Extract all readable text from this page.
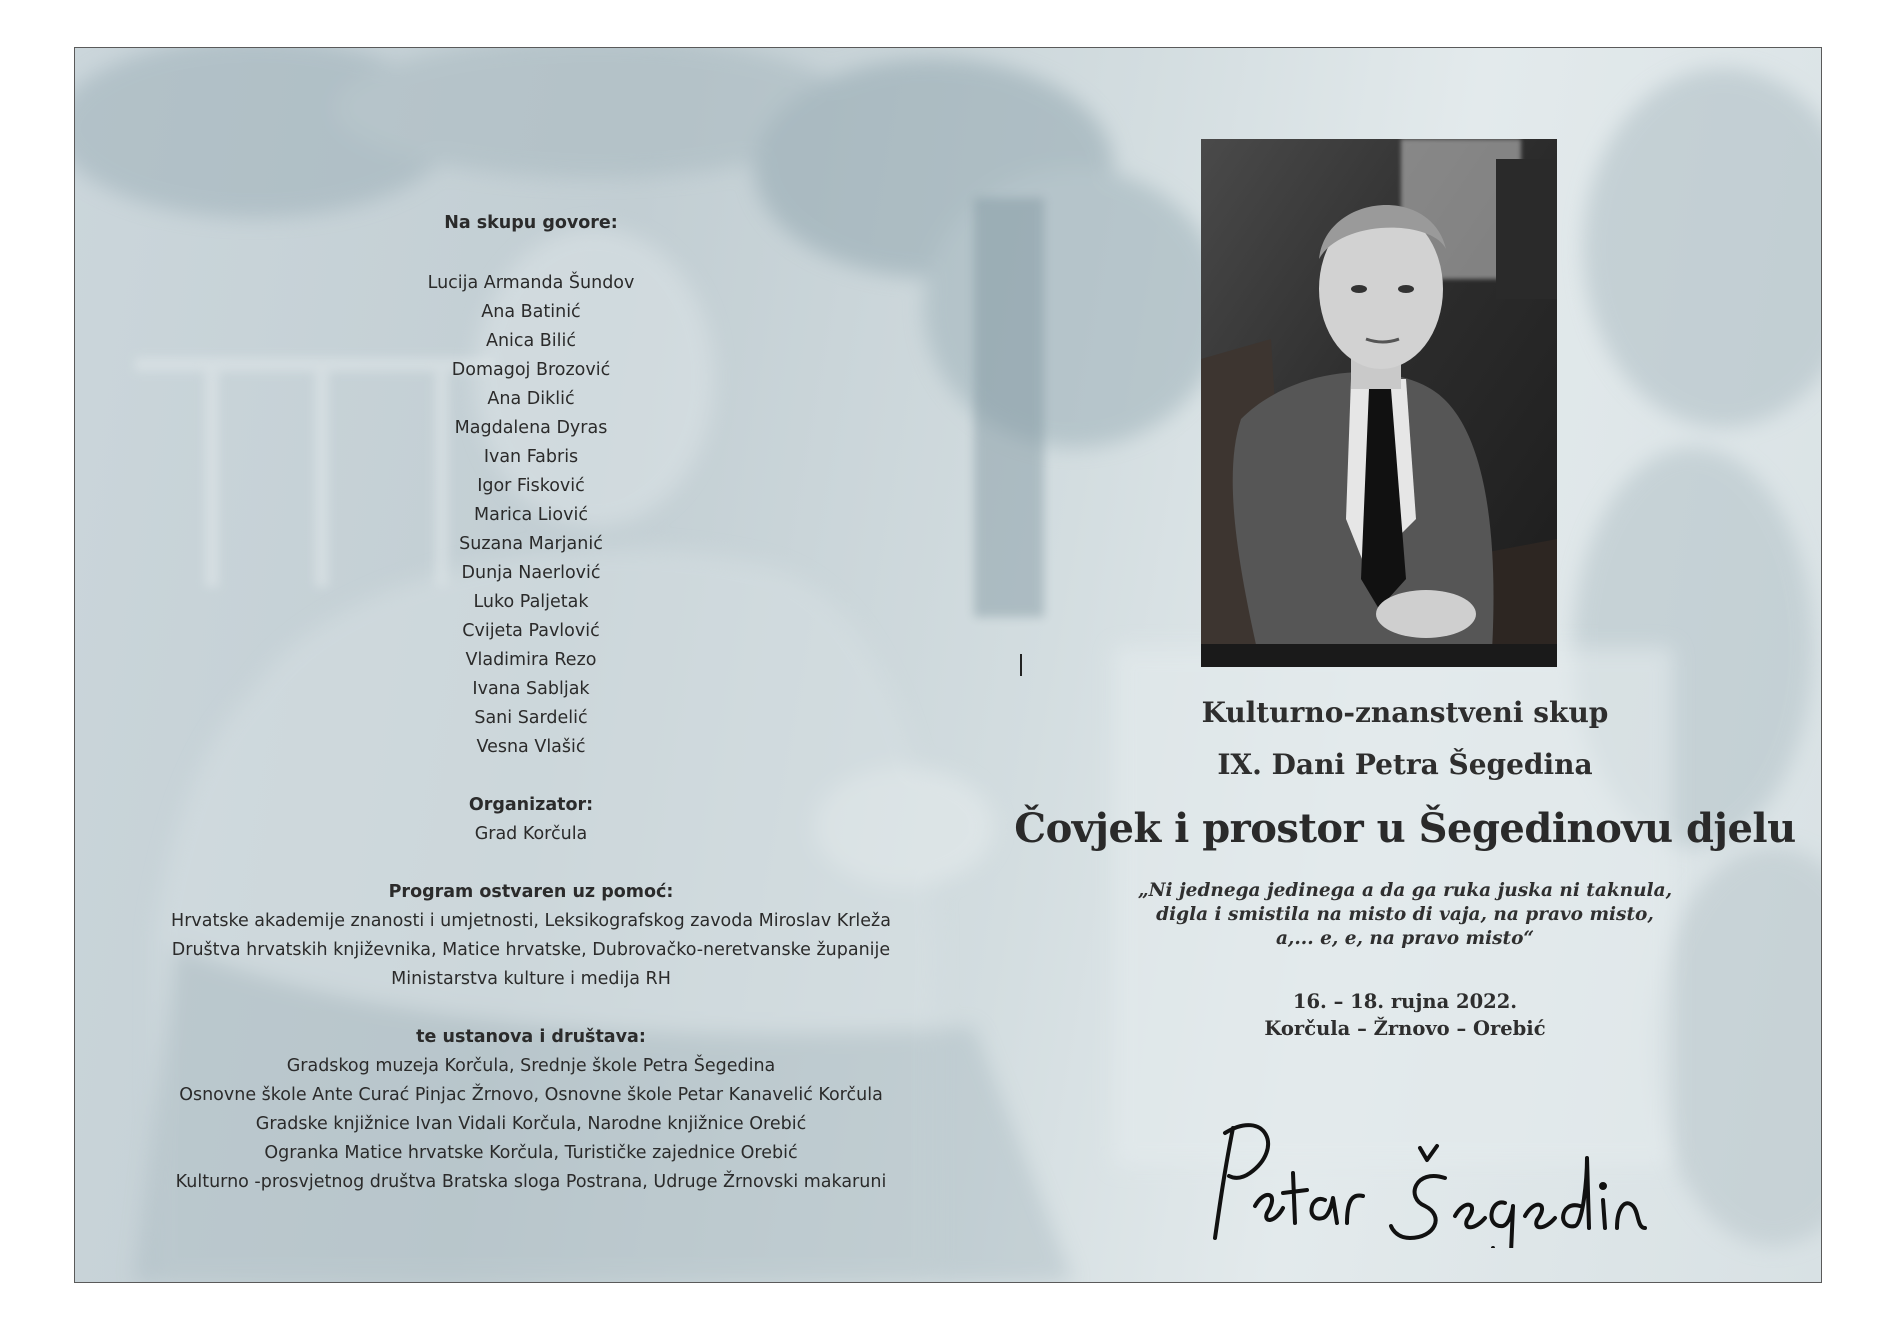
Na skupu govore:
Lucija Armanda Šundov
Ana Batinić
Anica Bilić
Domagoj Brozović
Ana Diklić
Magdalena Dyras
Ivan Fabris
Igor Fisković
Marica Liović
Suzana Marjanić
Dunja Naerlović
Luko Paljetak
Cvijeta Pavlović
Vladimira Rezo
Ivana Sabljak
Sani Sardelić
Vesna Vlašić
Organizator:
Grad Korčula
Program ostvaren uz pomoć:
Hrvatske akademije znanosti i umjetnosti, Leksikografskog zavoda Miroslav Krleža
Društva hrvatskih književnika, Matice hrvatske, Dubrovačko-neretvanske županije
Ministarstva kulture i medija RH
te ustanova i društava:
Gradskog muzeja Korčula, Srednje škole Petra Šegedina
Osnovne škole Ante Curać Pinjac Žrnovo, Osnovne škole Petar Kanavelić Korčula
Gradske knjižnice Ivan Vidali Korčula, Narodne knjižnice Orebić
Ogranka Matice hrvatske Korčula, Turističke zajednice Orebić
Kulturno -prosvjetnog društva Bratska sloga Postrana, Udruge Žrnovski makaruni
Kulturno-znanstveni skup
IX. Dani Petra Šegedina
Čovjek i prostor u Šegedinovu djelu
„Ni jednega jedinega a da ga ruka juska ni taknula,
digla i smistila na misto di vaja, na pravo misto,
a,... e, e, na pravo misto“
16. – 18. rujna 2022.
Korčula – Žrnovo – Orebić
